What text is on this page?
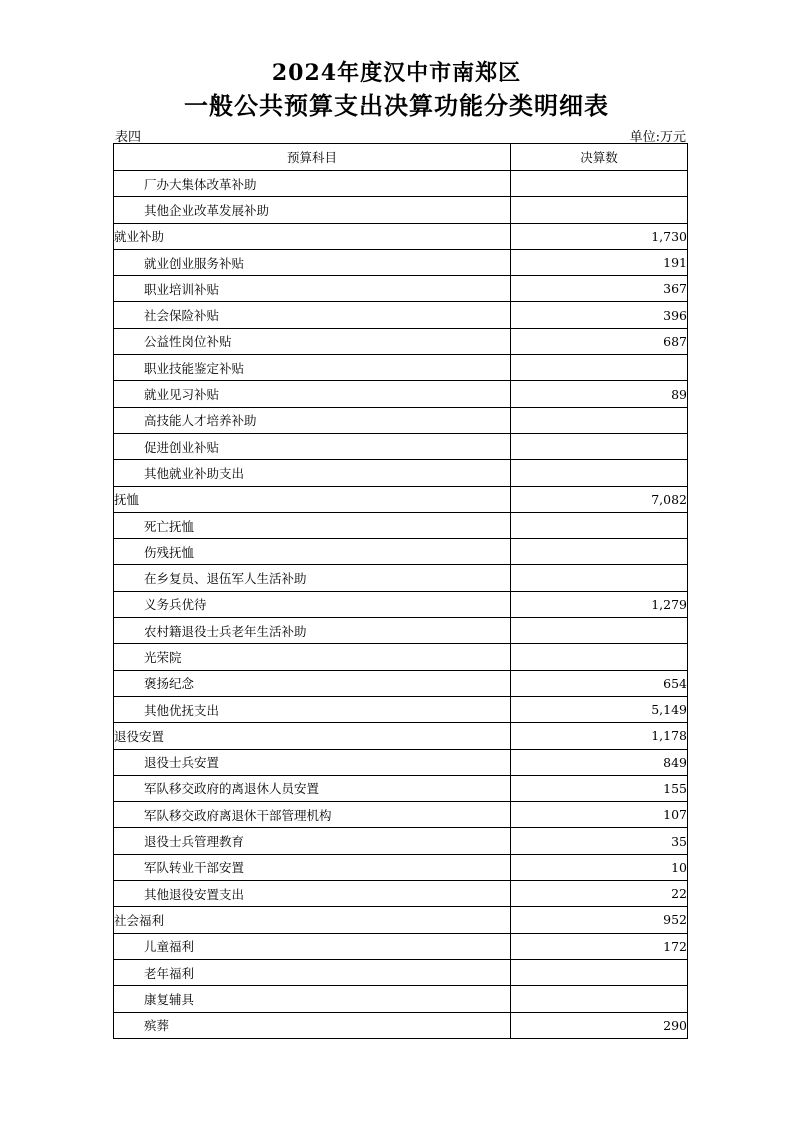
2024年度汉中市南郑区
一般公共预算支出决算功能分类明细表
表四	单位:万元
预算科目	决算数
厂办大集体改革补助	
其他企业改革发展补助	
就业补助	1,730
就业创业服务补贴	191
职业培训补贴	367
社会保险补贴	396
公益性岗位补贴	687
职业技能鉴定补贴	
就业见习补贴	89
高技能人才培养补助	
促进创业补贴	
其他就业补助支出	
抚恤	7,082
死亡抚恤	
伤残抚恤	
在乡复员、退伍军人生活补助	
义务兵优待	1,279
农村籍退役士兵老年生活补助	
光荣院	
褒扬纪念	654
其他优抚支出	5,149
退役安置	1,178
退役士兵安置	849
军队移交政府的离退休人员安置	155
军队移交政府离退休干部管理机构	107
退役士兵管理教育	35
军队转业干部安置	10
其他退役安置支出	22
社会福利	952
儿童福利	172
老年福利	
康复辅具	
殡葬	290
